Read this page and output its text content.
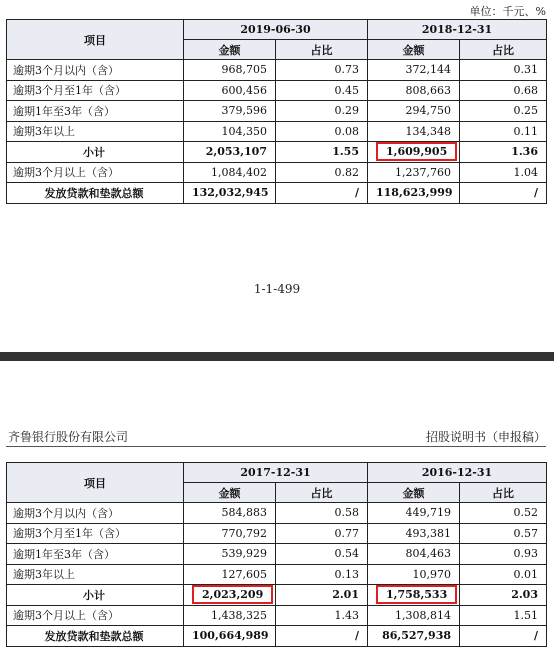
单位：千元、%
项目	2019-06-30		2018-12-31	
	金额	占比	金额	占比
逾期3个月以内（含）	968,705	0.73	372,144	0.31
逾期3个月至1年（含）	600,456	0.45	808,663	0.68
逾期1年至3年（含）	379,596	0.29	294,750	0.25
逾期3年以上	104,350	0.08	134,348	0.11
小计	2,053,107	1.55	1,609,905	1.36
逾期3个月以上（含）	1,084,402	0.82	1,237,760	1.04
发放贷款和垫款总额	132,032,945	/	118,623,999	/
1-1-499
齐鲁银行股份有限公司	招股说明书（申报稿）
项目	2017-12-31		2016-12-31	
	金额	占比	金额	占比
逾期3个月以内（含）	584,883	0.58	449,719	0.52
逾期3个月至1年（含）	770,792	0.77	493,381	0.57
逾期1年至3年（含）	539,929	0.54	804,463	0.93
逾期3年以上	127,605	0.13	10,970	0.01
小计	2,023,209	2.01	1,758,533	2.03
逾期3个月以上（含）	1,438,325	1.43	1,308,814	1.51
发放贷款和垫款总额	100,664,989	/	86,527,938	/
